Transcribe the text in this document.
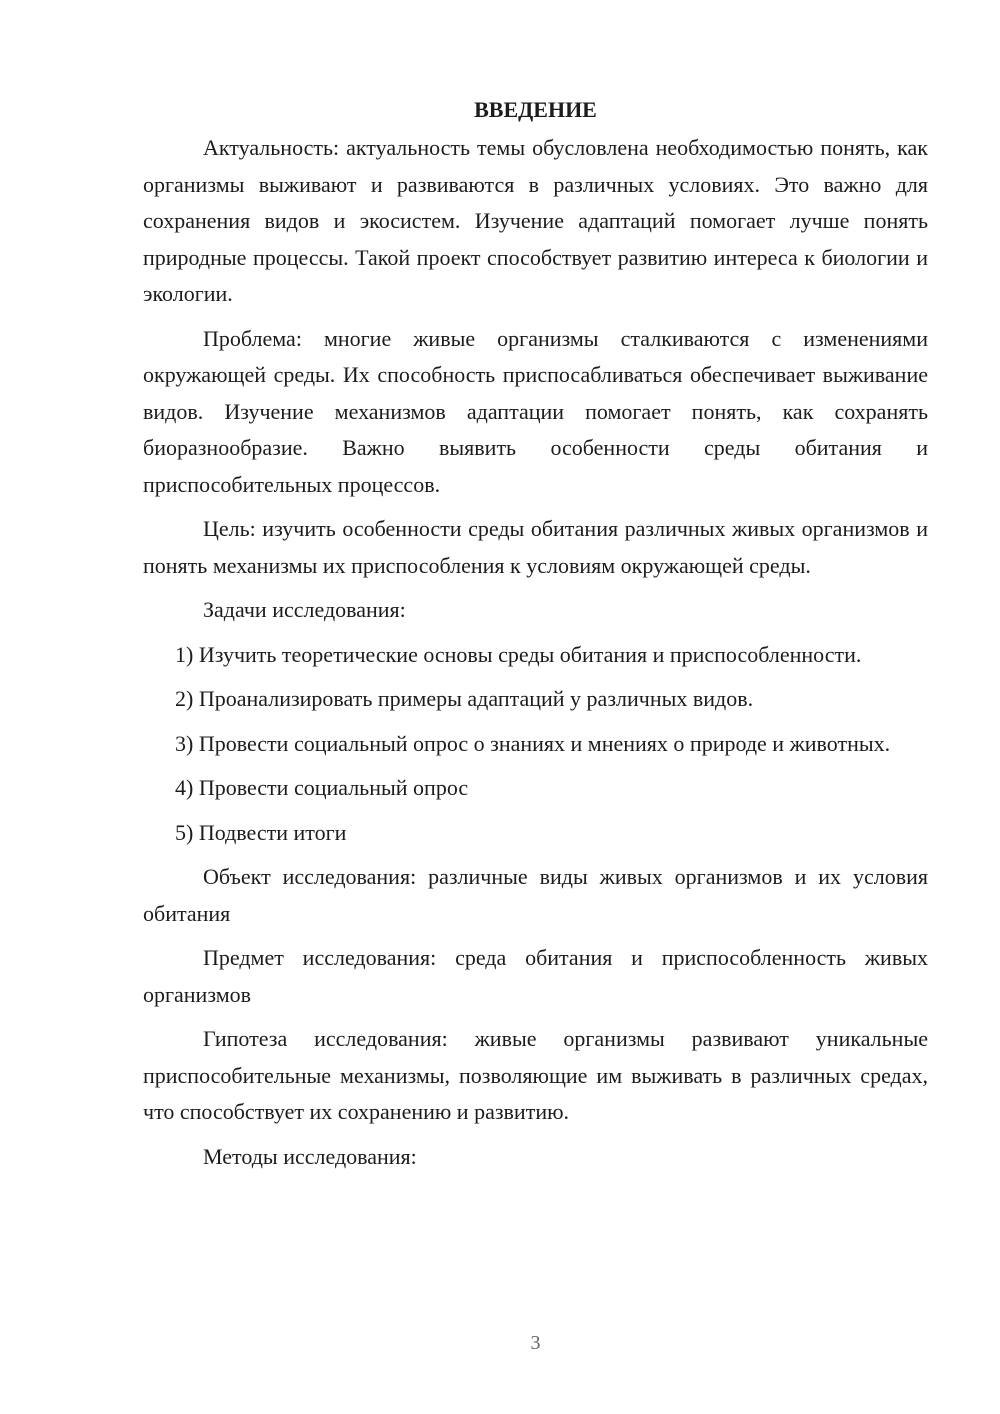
ВВЕДЕНИЕ

Актуальность: актуальность темы обусловлена необходимостью понять, как организмы выживают и развиваются в различных условиях. Это важно для сохранения видов и экосистем. Изучение адаптаций помогает лучше понять природные процессы. Такой проект способствует развитию интереса к биологии и экологии.

Проблема: многие живые организмы сталкиваются с изменениями окружающей среды. Их способность приспосабливаться обеспечивает выживание видов. Изучение механизмов адаптации помогает понять, как сохранять биоразнообразие. Важно выявить особенности среды обитания и приспособительных процессов.

Цель: изучить особенности среды обитания различных живых организмов и понять механизмы их приспособления к условиям окружающей среды.

Задачи исследования:

1) Изучить теоретические основы среды обитания и приспособленности.

2) Проанализировать примеры адаптаций у различных видов.

3) Провести социальный опрос о знаниях и мнениях о природе и животных.

4) Провести социальный опрос

5) Подвести итоги

Объект исследования: различные виды живых организмов и их условия обитания

Предмет исследования: среда обитания и приспособленность живых организмов

Гипотеза исследования: живые организмы развивают уникальные приспособительные механизмы, позволяющие им выживать в различных средах, что способствует их сохранению и развитию.

Методы исследования:

3
